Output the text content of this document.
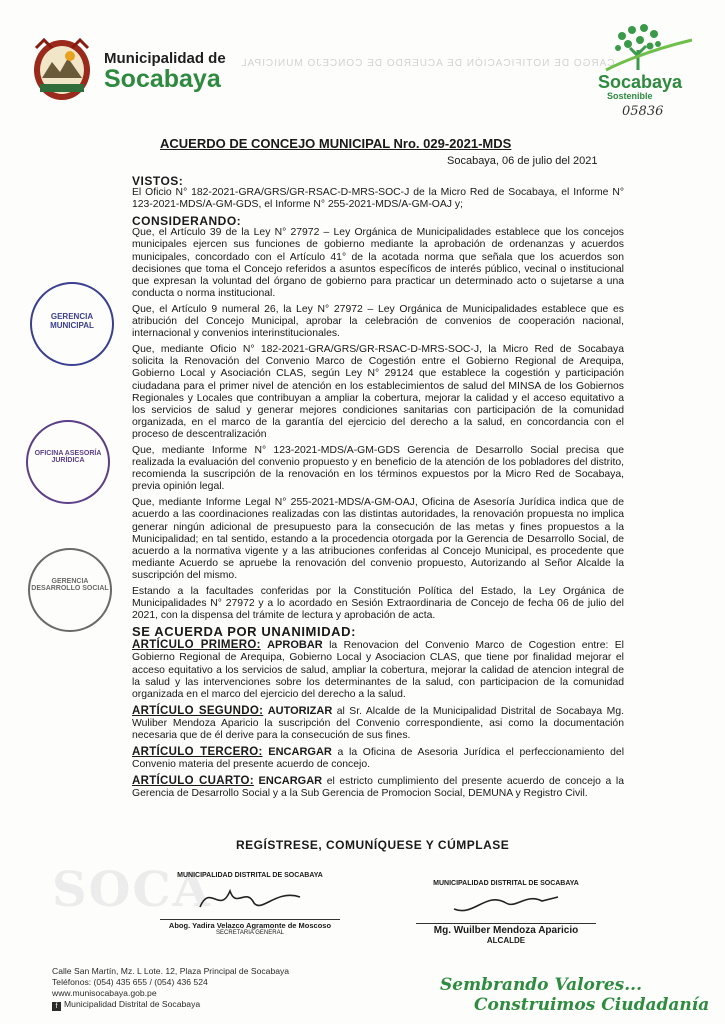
Municipalidad de
Socabaya
CARGO DE NOTIFICACIÓN DE ACUERDO DE CONCEJO MUNICIPAL
Socabaya
Sostenible
05836
ACUERDO DE CONCEJO MUNICIPAL Nro. 029-2021-MDS
Socabaya, 06 de julio del 2021
VISTOS:

El Oficio N° 182-2021-GRA/GRS/GR-RSAC-D-MRS-SOC-J de la Micro Red de Socabaya, el Informe N° 123-2021-MDS/A-GM-GDS, el Informe N° 255-2021-MDS/A-GM-OAJ y;

CONSIDERANDO:

Que, el Artículo 39 de la Ley N° 27972 – Ley Orgánica de Municipalidades establece que los concejos municipales ejercen sus funciones de gobierno mediante la aprobación de ordenanzas y acuerdos municipales, concordado con el Artículo 41° de la acotada norma que señala que los acuerdos son decisiones que toma el Concejo referidos a asuntos específicos de interés público, vecinal o institucional que expresan la voluntad del órgano de gobierno para practicar un determinado acto o sujetarse a una conducta o norma institucional.

Que, el Artículo 9 numeral 26, la Ley N° 27972 – Ley Orgánica de Municipalidades establece que es atribución del Concejo Municipal, aprobar la celebración de convenios de cooperación nacional, internacional y convenios interinstitucionales.

Que, mediante Oficio N° 182-2021-GRA/GRS/GR-RSAC-D-MRS-SOC-J, la Micro Red de Socabaya solicita la Renovación del Convenio Marco de Cogestión entre el Gobierno Regional de Arequipa, Gobierno Local y Asociación CLAS, según Ley N° 29124 que establece la cogestión y participación ciudadana para el primer nivel de atención en los establecimientos de salud del MINSA de los Gobiernos Regionales y Locales que contribuyan a ampliar la cobertura, mejorar la calidad y el acceso equitativo a los servicios de salud y generar mejores condiciones sanitarias con participación de la comunidad organizada, en el marco de la garantía del ejercicio del derecho a la salud, en concordancia con el proceso de descentralización

Que, mediante Informe N° 123-2021-MDS/A-GM-GDS Gerencia de Desarrollo Social precisa que realizada la evaluación del convenio propuesto y en beneficio de la atención de los pobladores del distrito, recomienda la suscripción de la renovación en los términos expuestos por la Micro Red de Socabaya, previa opinión legal.

Que, mediante Informe Legal N° 255-2021-MDS/A-GM-OAJ, Oficina de Asesoría Jurídica indica que de acuerdo a las coordinaciones realizadas con las distintas autoridades, la renovación propuesta no implica generar ningún adicional de presupuesto para la consecución de las metas y fines propuestos a la Municipalidad; en tal sentido, estando a la procedencia otorgada por la Gerencia de Desarrollo Social, de acuerdo a la normativa vigente y a las atribuciones conferidas al Concejo Municipal, es procedente que mediante Acuerdo se apruebe la renovación del convenio propuesto, Autorizando al Señor Alcalde la suscripción del mismo.

Estando a la facultades conferidas por la Constitución Política del Estado, la Ley Orgánica de Municipalidades N° 27972 y a lo acordado en Sesión Extraordinaria de Concejo de fecha 06 de julio del 2021, con la dispensa del trámite de lectura y aprobación de acta.

SE ACUERDA POR UNANIMIDAD:

ARTÍCULO PRIMERO: APROBAR la Renovacion del Convenio Marco de Cogestion entre: El Gobierno Regional de Arequipa, Gobierno Local y Asociacion CLAS, que tiene por finalidad mejorar el acceso equitativo a los servicios de salud, ampliar la cobertura, mejorar la calidad de atencion integral de la salud y las intervenciones sobre los determinantes de la salud, con participacion de la comunidad organizada en el marco del ejercicio del derecho a la salud.

ARTÍCULO SEGUNDO: AUTORIZAR al Sr. Alcalde de la Municipalidad Distrital de Socabaya Mg. Wuliber Mendoza Aparicio la suscripción del Convenio correspondiente, asi como la documentación necesaria que de él derive para la consecución de sus fines.

ARTÍCULO TERCERO: ENCARGAR a la Oficina de Asesoria Jurídica el perfeccionamiento del Convenio materia del presente acuerdo de concejo.

ARTÍCULO CUARTO: ENCARGAR el estricto cumplimiento del presente acuerdo de concejo a la Gerencia de Desarrollo Social y a la Sub Gerencia de Promocion Social, DEMUNA y Registro Civil.

REGÍSTRESE, COMUNÍQUESE Y CÚMPLASE
GERENCIA MUNICIPAL
OFICINA ASESORÍA JURÍDICA
GERENCIA DESARROLLO SOCIAL
SOCA
MUNICIPALIDAD DISTRITAL DE SOCABAYA
Abog. Yadira Velazco Agramonte de Moscoso
SECRETARIA GENERAL
MUNICIPALIDAD DISTRITAL DE SOCABAYA
Mg. Wuilber Mendoza Aparicio
ALCALDE
Calle San Martín, Mz. L Lote. 12, Plaza Principal de Socabaya
Teléfonos: (054) 435 655 / (054) 436 524
www.munisocabaya.gob.pe
f Municipalidad Distrital de Socabaya
Sembrando Valores...
Construimos Ciudadanía
